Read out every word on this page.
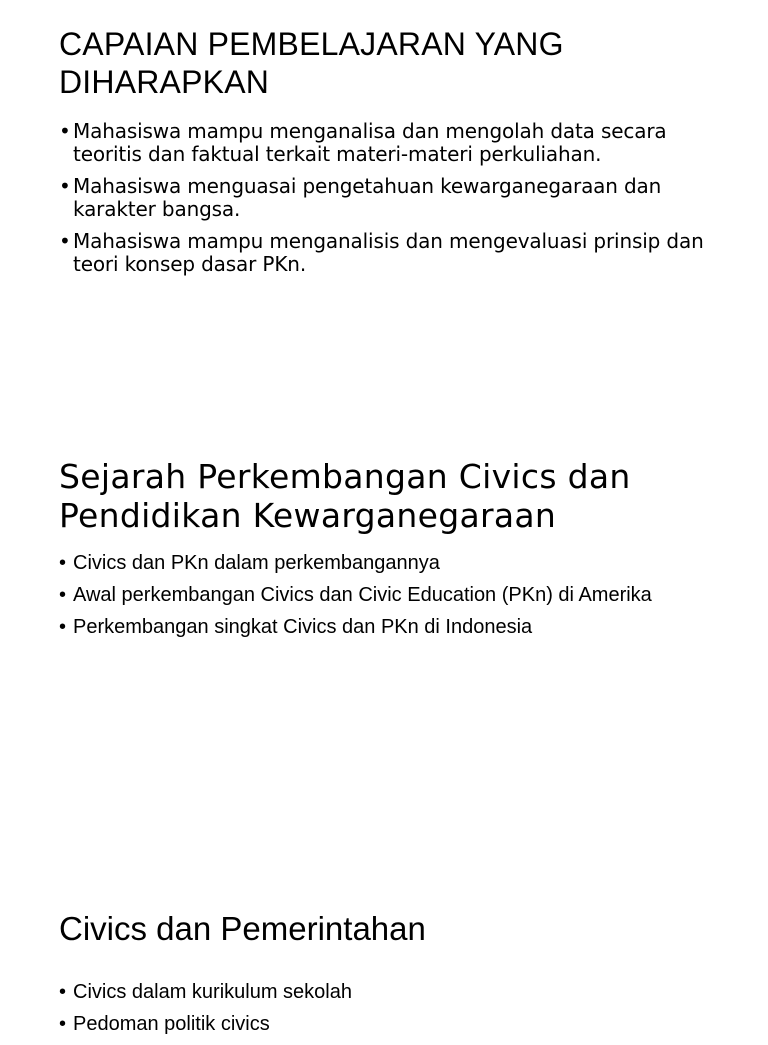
CAPAIAN PEMBELAJARAN YANG DIHARAPKAN
• Mahasiswa mampu menganalisa dan mengolah data secara teoritis dan faktual terkait materi-materi perkuliahan.
• Mahasiswa menguasai pengetahuan kewarganegaraan dan karakter bangsa.
• Mahasiswa mampu menganalisis dan mengevaluasi prinsip dan teori konsep dasar PKn.
Sejarah Perkembangan Civics dan Pendidikan Kewarganegaraan
• Civics dan PKn dalam perkembangannya
• Awal perkembangan Civics dan Civic Education (PKn) di Amerika
• Perkembangan singkat Civics dan PKn di Indonesia
Civics dan Pemerintahan
• Civics dalam kurikulum sekolah
• Pedoman politik civics
